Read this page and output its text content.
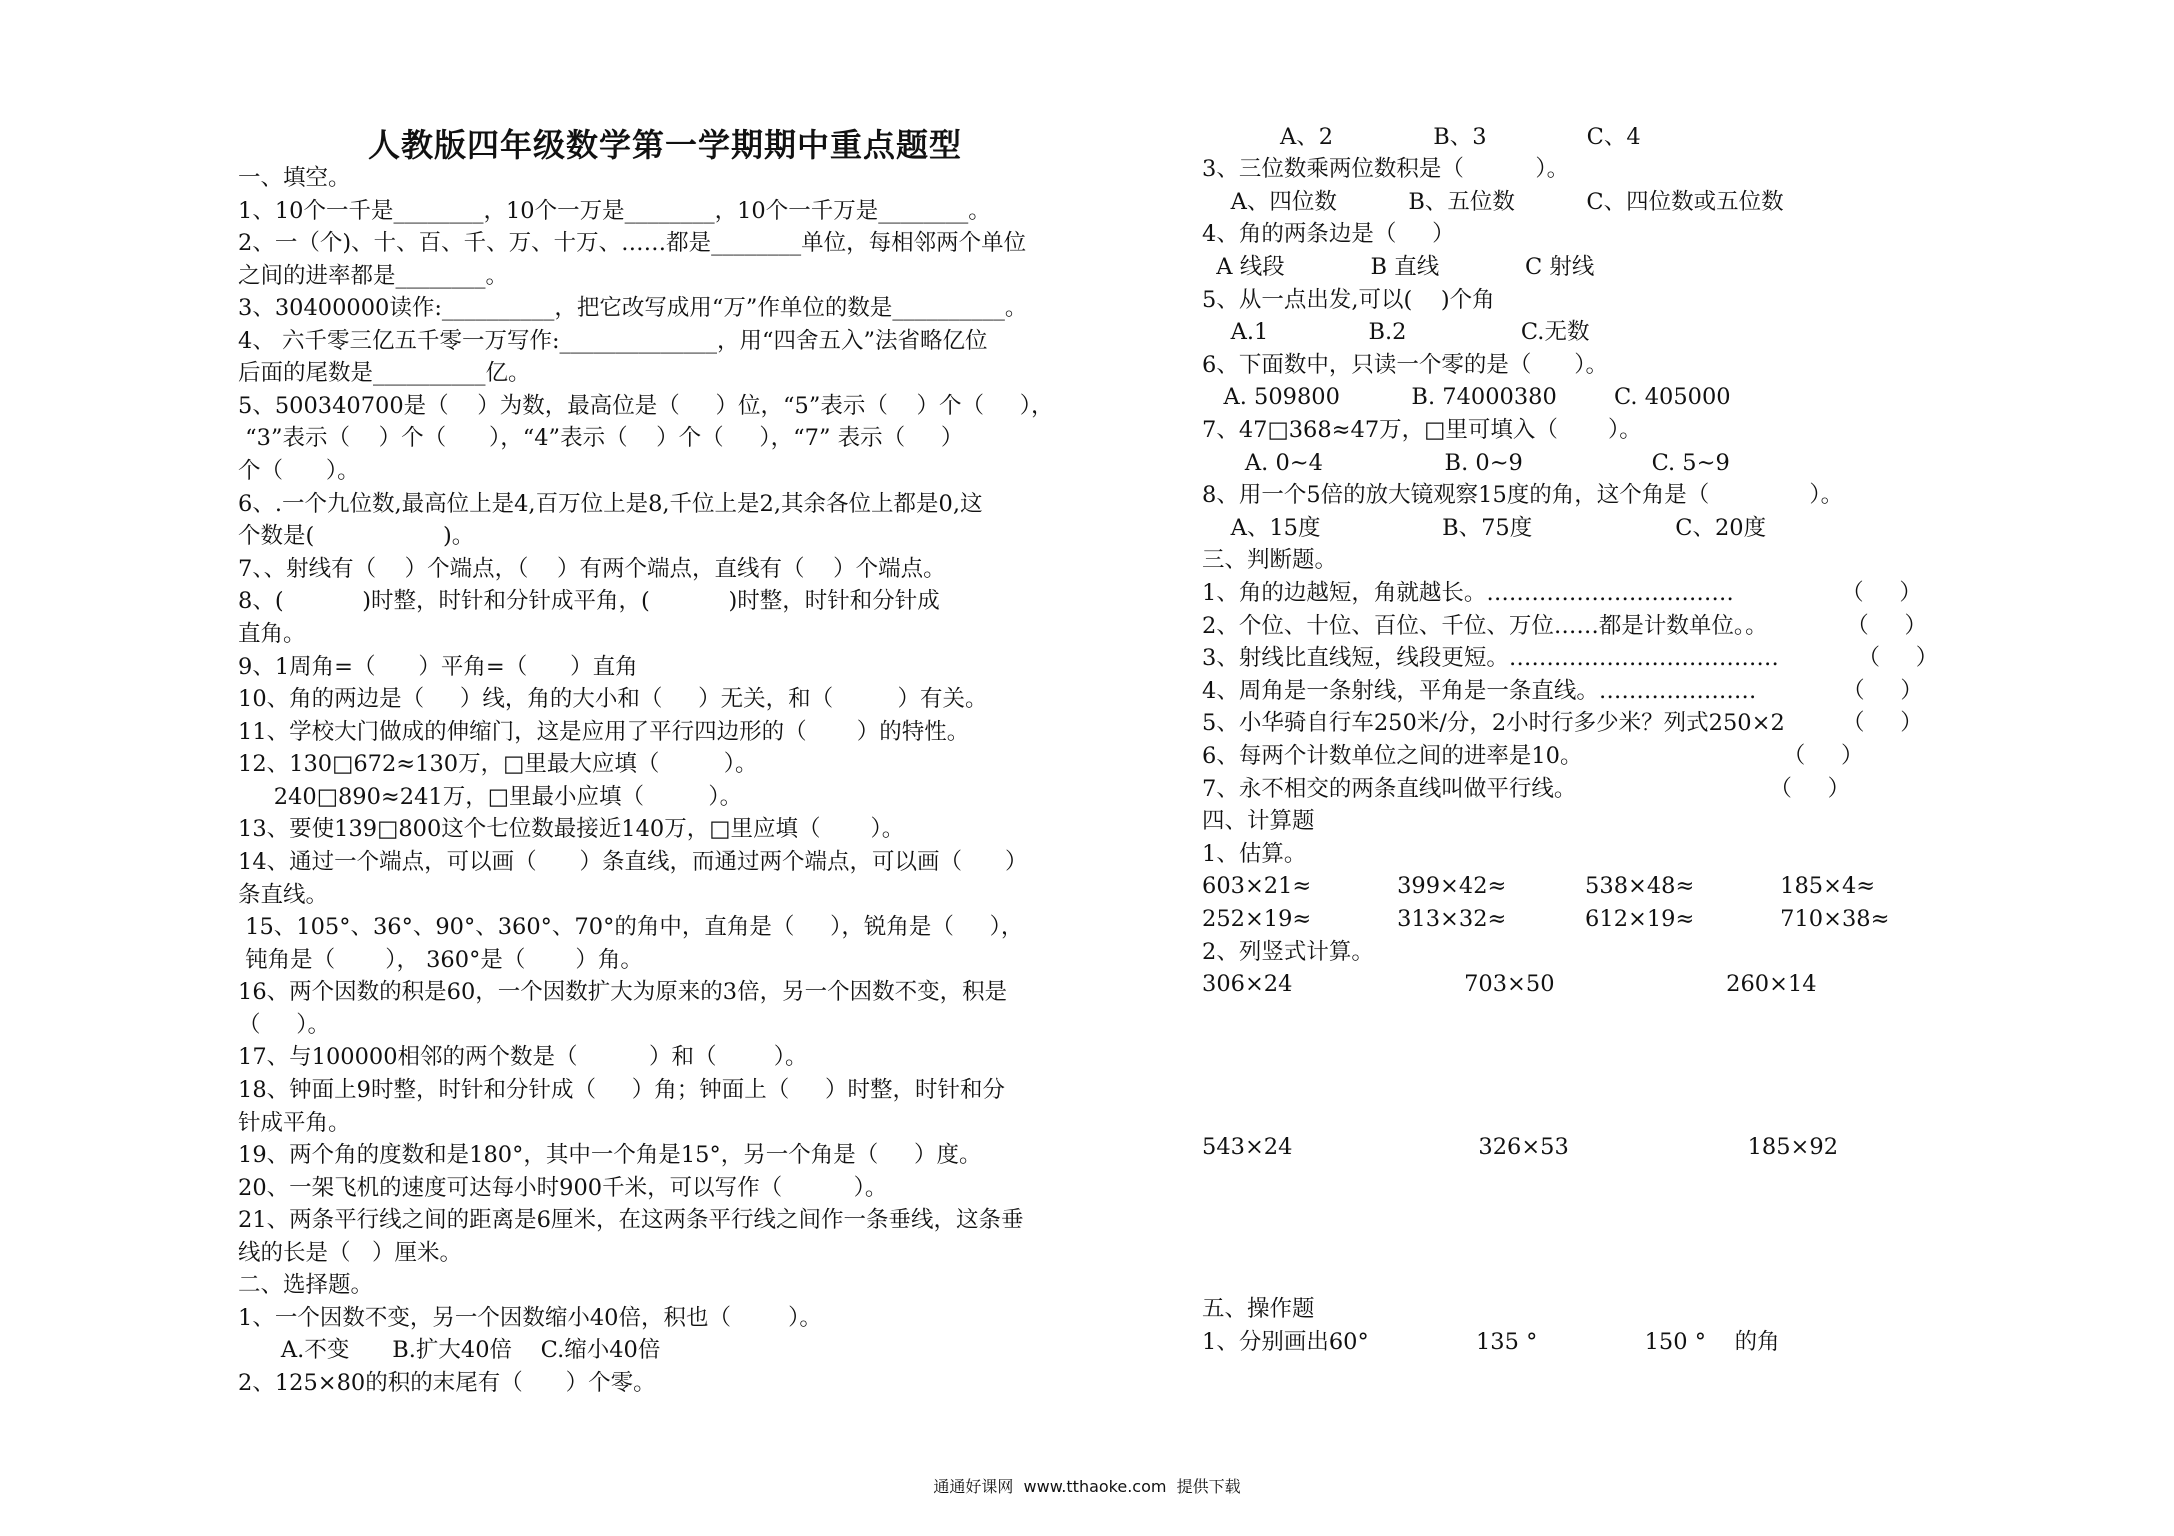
人教版四年级数学第一学期期中重点题型
一、填空。
1、10个一千是________，10个一万是________，10个一千万是________。
2、一（个)、十、百、千、万、十万、……都是________单位，每相邻两个单位
之间的进率都是________。
3、30400000读作:__________，把它改写成用“万”作单位的数是__________。
4、 六千零三亿五千零一万写作:______________，用“四舍五入”法省略亿位
后面的尾数是__________亿。
5、500340700是（    ）为数，最高位是（     ）位，“5”表示（    ）个（     ），
“3”表示（    ）个（      ），“4”表示（    ）个（     ），“7” 表示（     ）
个（      ）。
6、.一个九位数,最高位上是4,百万位上是8,千位上是2,其余各位上都是0,这
个数是(                  )。
7、、射线有（    ）个端点，（    ）有两个端点，直线有（    ）个端点。
8、(           )时整，时针和分针成平角，(           )时整，时针和分针成
直角。
9、1周角=（      ）平角=（      ）直角
10、角的两边是（     ）线，角的大小和（     ）无关，和（         ）有关。
11、学校大门做成的伸缩门，这是应用了平行四边形的（       ）的特性。
12、130□672≈130万，□里最大应填（         ）。
240□890≈241万，□里最小应填（         ）。
13、要使139□800这个七位数最接近140万，□里应填（       ）。
14、通过一个端点，可以画（      ）条直线，而通过两个端点，可以画（      ）
条直线。
15、105°、36°、90°、360°、70°的角中，直角是（     ），锐角是（     ），
钝角是（       ）， 360°是（       ）角。
16、两个因数的积是60，一个因数扩大为原来的3倍，另一个因数不变，积是
（     ）。
17、与100000相邻的两个数是（          ）和（        ）。
18、钟面上9时整，时针和分针成（     ）角；钟面上（     ）时整，时针和分
针成平角。
19、两个角的度数和是180°，其中一个角是15°，另一个角是（     ）度。
20、一架飞机的速度可达每小时900千米，可以写作（          ）。
21、两条平行线之间的距离是6厘米，在这两条平行线之间作一条垂线，这条垂
线的长是（   ）厘米。
二、选择题。
1、一个因数不变，另一个因数缩小40倍，积也（        ）。
A.不变      B.扩大40倍    C.缩小40倍
2、125×80的积的末尾有（      ）个零。
A、2              B、3              C、4
3、三位数乘两位数积是（          ）。
A、四位数          B、五位数          C、四位数或五位数
4、角的两条边是（     ）
A 线段            B 直线            C 射线
5、从一点出发,可以(    )个角
A.1              B.2                C.无数
6、下面数中，只读一个零的是（      ）。
A. 509800          B. 74000380        C. 405000
7、47□368≈47万，□里可填入（       ）。
A. 0~4                 B. 0~9                  C. 5~9
8、用一个5倍的放大镜观察15度的角，这个角是（              ）。
A、15度                 B、75度                    C、20度
三、判断题。
1、角的边越短，角就越长。……………………………               （     ）
2、个位、十位、百位、千位、万位……都是计数单位。。           （     ）
3、射线比直线短，线段更短。………………………………           （     ）
4、周角是一条射线，平角是一条直线。…………………            （     ）
5、小华骑自行车250米/分，2小时行多少米？列式250×2        （     ）
6、每两个计数单位之间的进率是10。                            （     ）
7、永不相交的两条直线叫做平行线。                           （     ）
四、计算题
1、估算。
603×21≈            399×42≈           538×48≈            185×4≈
252×19≈            313×32≈           612×19≈            710×38≈
2、列竖式计算。
306×24                        703×50                        260×14
543×24                          326×53                         185×92
五、操作题
1、分别画出60°               135 °               150 °    的角
通通好课网  www.tthaoke.com  提供下载
